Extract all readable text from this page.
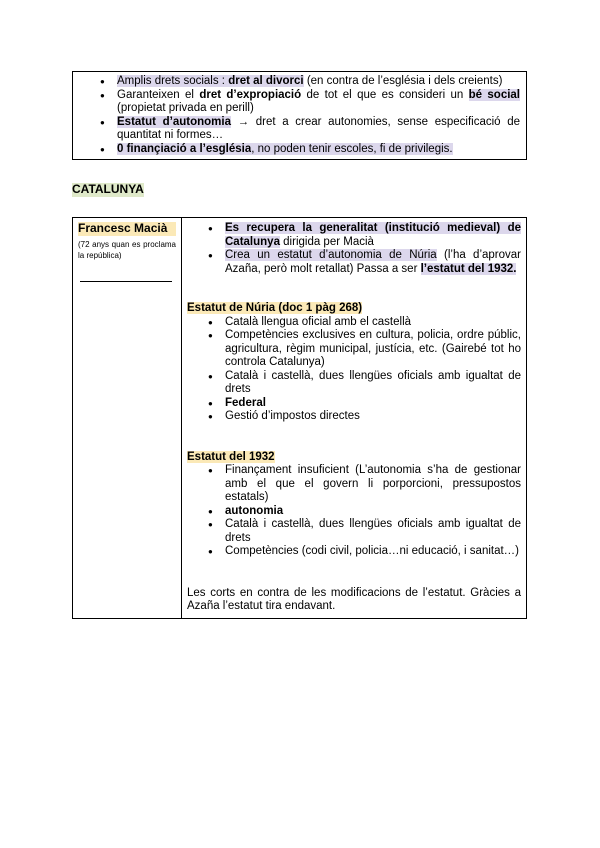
● Amplis drets socials : dret al divorci (en contra de l’església i dels creients)
● Garanteixen el dret d’expropiació de tot el que es consideri un bé social (propietat privada en perill)
● Estatut d’autonomia → dret a crear autonomies, sense especificació de quantitat ni formes…
● 0 finançiació a l’església, no poden tenir escoles, fi de privilegis.
CATALUNYA
Francesc Macià
(72 anys quan es proclama la república)

● Es recupera la generalitat (institució medieval) de Catalunya dirigida per Macià
● Crea un estatut d’autonomia de Núria (l’ha d’aprovar Azaña, però molt retallat) Passa a ser l’estatut del 1932.
Estatut de Núria (doc 1 pàg 268)
● Català llengua oficial amb el castellà
● Competències exclusives en cultura, policia, ordre públic, agricultura, règim municipal, justícia, etc. (Gairebé tot ho controla Catalunya)
● Català i castellà, dues llengües oficials amb igualtat de drets
● Federal
● Gestió d’impostos directes
Estatut del 1932
● Finançament insuficient (L’autonomia s’ha de gestionar amb el que el govern li porporcioni, pressupostos estatals)
● autonomia
● Català i castellà, dues llengües oficials amb igualtat de drets
● Competències (codi civil, policia…ni educació, i sanitat…)
Les corts en contra de les modificacions de l’estatut. Gràcies a Azaña l’estatut tira endavant.
